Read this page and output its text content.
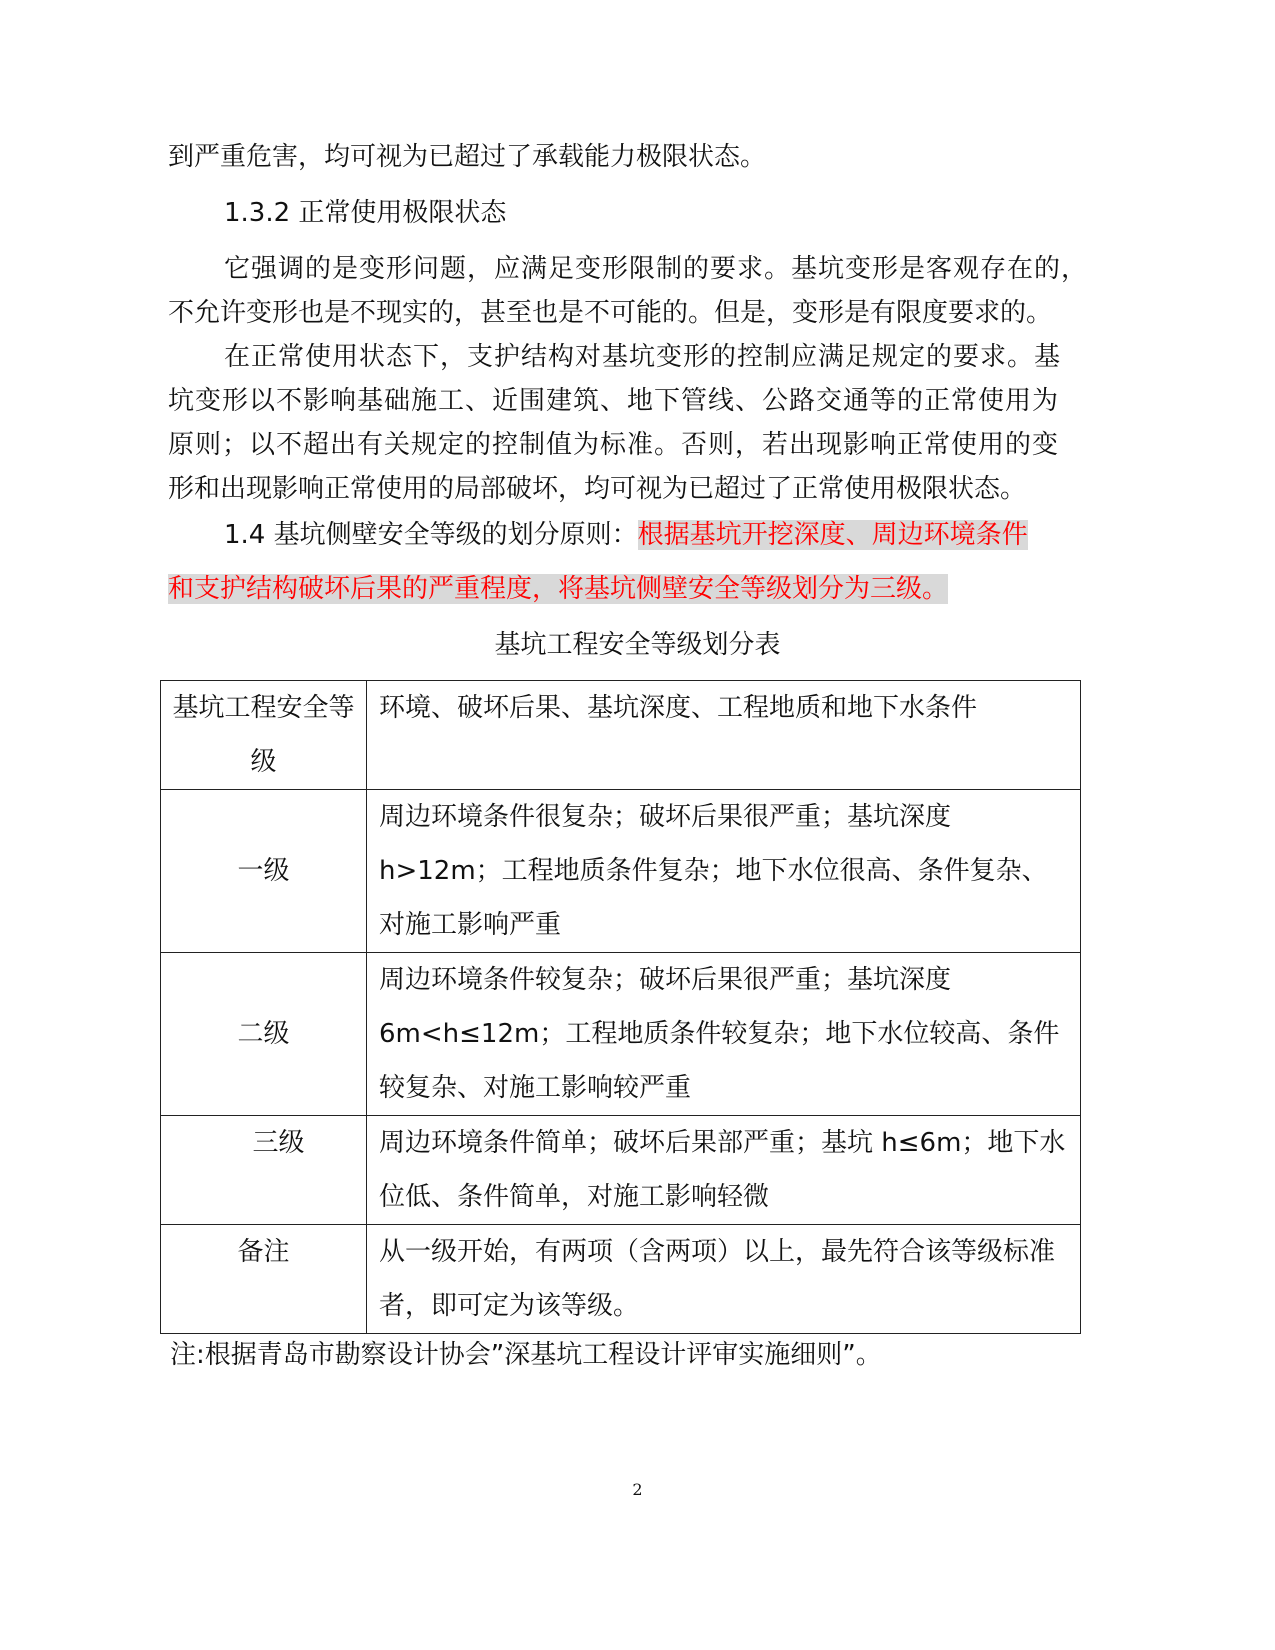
到严重危害，均可视为已超过了承载能力极限状态。
1.3.2 正常使用极限状态
它强调的是变形问题，应满足变形限制的要求。基坑变形是客观存在的，
不允许变形也是不现实的，甚至也是不可能的。但是，变形是有限度要求的。
在正常使用状态下，支护结构对基坑变形的控制应满足规定的要求。基
坑变形以不影响基础施工、近围建筑、地下管线、公路交通等的正常使用为
原则；以不超出有关规定的控制值为标准。否则，若出现影响正常使用的变
形和出现影响正常使用的局部破坏，均可视为已超过了正常使用极限状态。
1.4 基坑侧壁安全等级的划分原则：根据基坑开挖深度、周边环境条件
和支护结构破坏后果的严重程度，将基坑侧壁安全等级划分为三级。
基坑工程安全等级划分表
基坑工程安全等级	环境、破坏后果、基坑深度、工程地质和地下水条件
一级	周边环境条件很复杂；破坏后果很严重；基坑深度 h>12m；工程地质条件复杂；地下水位很高、条件复杂、对施工影响严重
二级	周边环境条件较复杂；破坏后果很严重；基坑深度 6m<h≤12m；工程地质条件较复杂；地下水位较高、条件较复杂、对施工影响较严重
三级	周边环境条件简单；破坏后果部严重；基坑 h≤6m；地下水位低、条件简单，对施工影响轻微
备注	从一级开始，有两项（含两项）以上，最先符合该等级标准者，即可定为该等级。
注:根据青岛市勘察设计协会”深基坑工程设计评审实施细则”。
2
